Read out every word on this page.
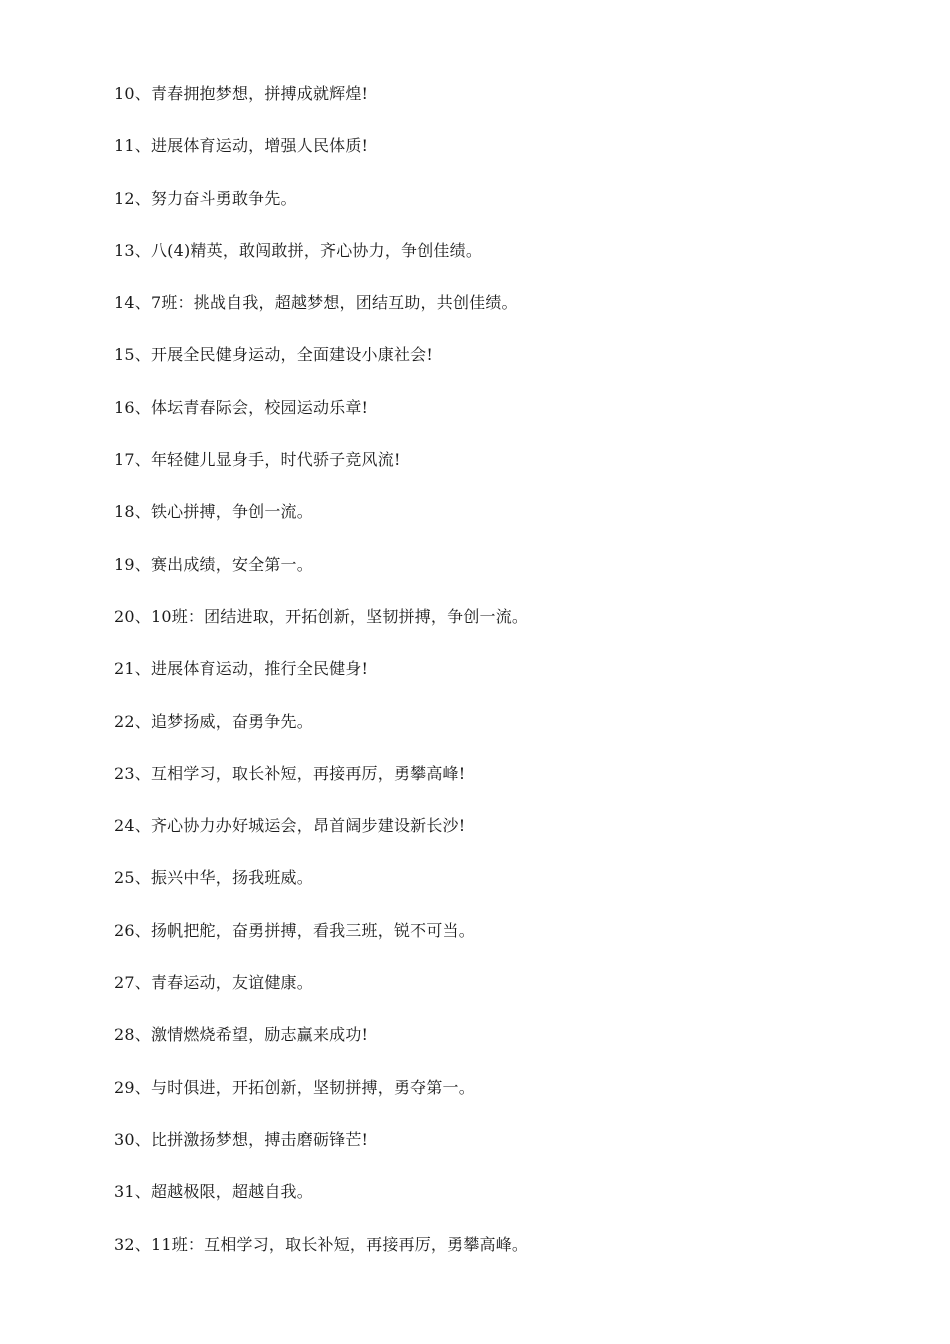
10、青春拥抱梦想，拼搏成就辉煌!
11、进展体育运动，增强人民体质!
12、努力奋斗勇敢争先。
13、八(4)精英，敢闯敢拼，齐心协力，争创佳绩。
14、7班：挑战自我，超越梦想，团结互助，共创佳绩。
15、开展全民健身运动，全面建设小康社会!
16、体坛青春际会，校园运动乐章!
17、年轻健儿显身手，时代骄子竞风流!
18、铁心拼搏，争创一流。
19、赛出成绩，安全第一。
20、10班：团结进取，开拓创新，坚韧拼搏，争创一流。
21、进展体育运动，推行全民健身!
22、追梦扬威，奋勇争先。
23、互相学习，取长补短，再接再厉，勇攀高峰!
24、齐心协力办好城运会，昂首阔步建设新长沙!
25、振兴中华，扬我班威。
26、扬帆把舵，奋勇拼搏，看我三班，锐不可当。
27、青春运动，友谊健康。
28、激情燃烧希望，励志赢来成功!
29、与时俱进，开拓创新，坚韧拼搏，勇夺第一。
30、比拼激扬梦想，搏击磨砺锋芒!
31、超越极限，超越自我。
32、11班：互相学习，取长补短，再接再厉，勇攀高峰。
